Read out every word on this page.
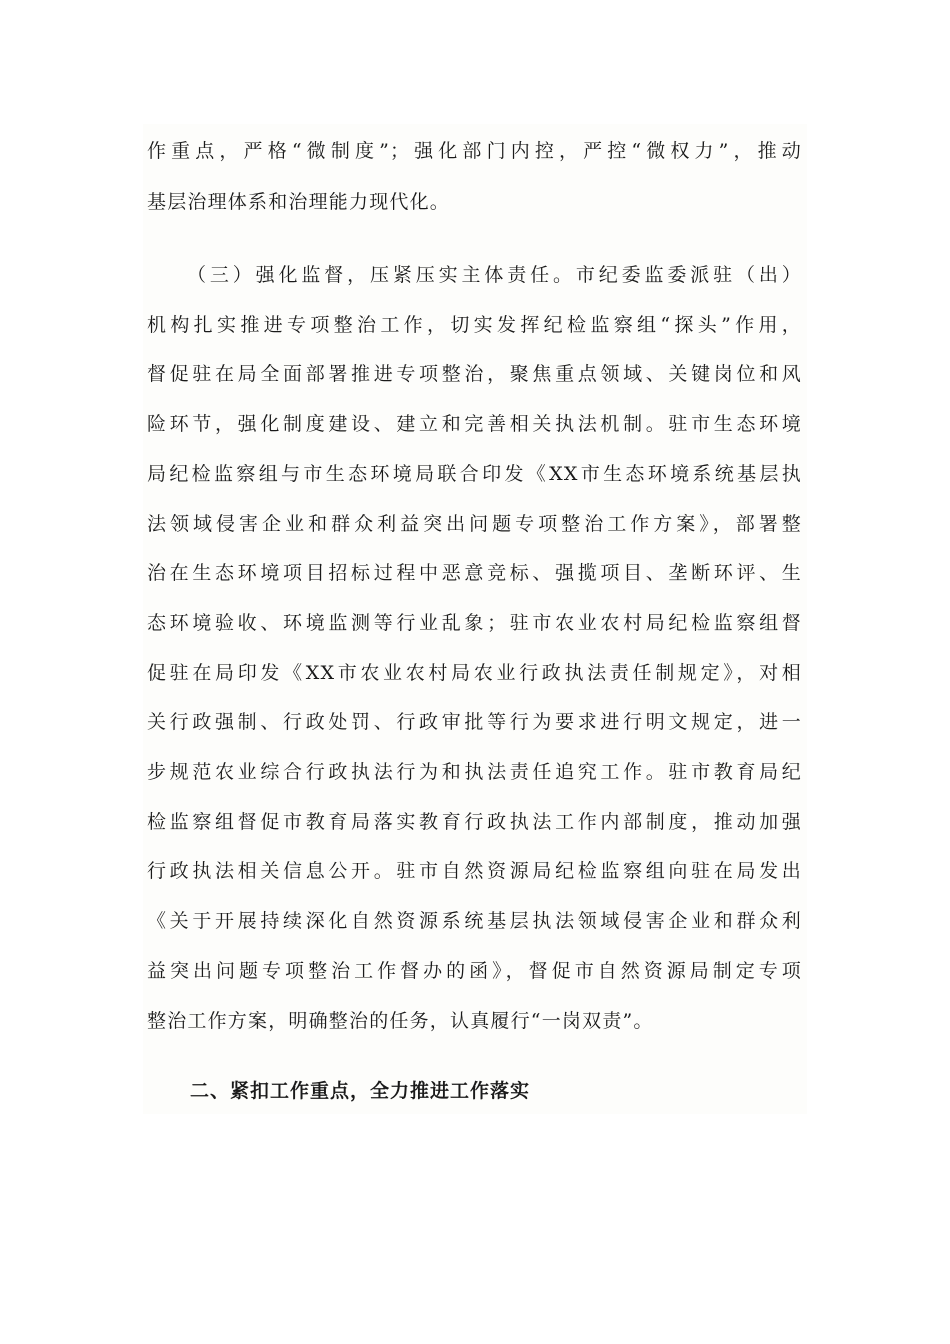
作重点，严格“微制度”；强化部门内控，严控“微权力”，推动
基层治理体系和治理能力现代化。
（三）强化监督，压紧压实主体责任。市纪委监委派驻（出）
机构扎实推进专项整治工作，切实发挥纪检监察组“探头”作用，
督促驻在局全面部署推进专项整治，聚焦重点领域、关键岗位和风
险环节，强化制度建设、建立和完善相关执法机制。驻市生态环境
局纪检监察组与市生态环境局联合印发《XX市生态环境系统基层执
法领域侵害企业和群众利益突出问题专项整治工作方案》，部署整
治在生态环境项目招标过程中恶意竞标、强揽项目、垄断环评、生
态环境验收、环境监测等行业乱象；驻市农业农村局纪检监察组督
促驻在局印发《XX市农业农村局农业行政执法责任制规定》，对相
关行政强制、行政处罚、行政审批等行为要求进行明文规定，进一
步规范农业综合行政执法行为和执法责任追究工作。驻市教育局纪
检监察组督促市教育局落实教育行政执法工作内部制度，推动加强
行政执法相关信息公开。驻市自然资源局纪检监察组向驻在局发出
《关于开展持续深化自然资源系统基层执法领域侵害企业和群众利
益突出问题专项整治工作督办的函》，督促市自然资源局制定专项
整治工作方案，明确整治的任务，认真履行“一岗双责”。
二、紧扣工作重点，全力推进工作落实
